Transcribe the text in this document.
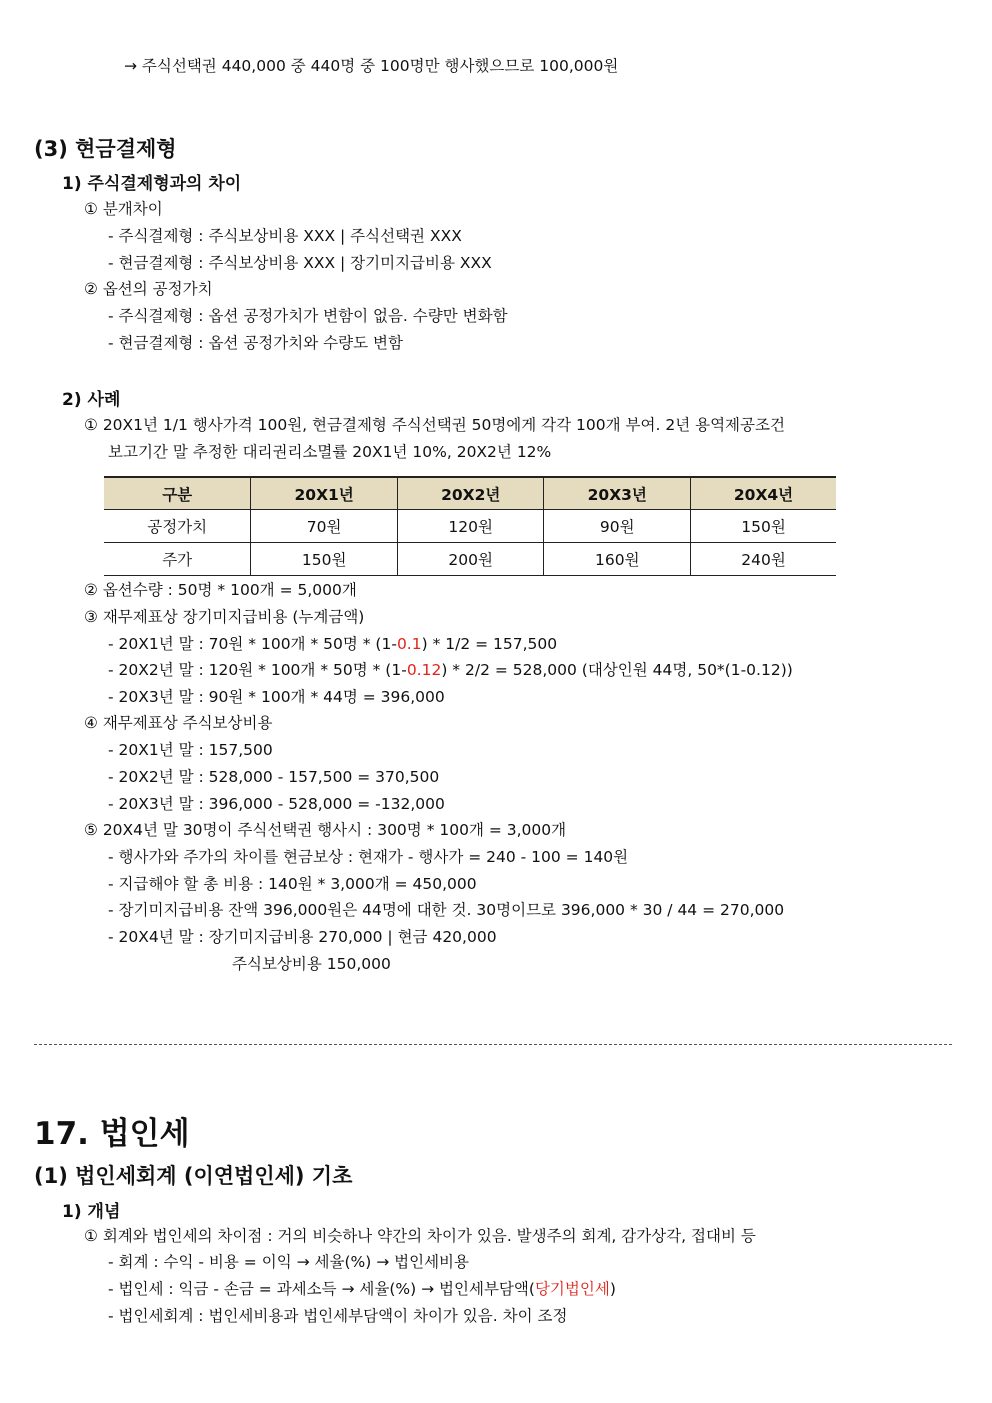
→ 주식선택권 440,000 중 440명 중 100명만 행사했으므로 100,000원
(3) 현금결제형
1) 주식결제형과의 차이
① 분개차이
- 주식결제형 : 주식보상비용 XXX | 주식선택권 XXX
- 현금결제형 : 주식보상비용 XXX | 장기미지급비용 XXX
② 옵션의 공정가치
- 주식결제형 : 옵션 공정가치가 변함이 없음. 수량만 변화함
- 현금결제형 : 옵션 공정가치와 수량도 변함
2) 사례
① 20X1년 1/1 행사가격 100원, 현금결제형 주식선택권 50명에게 각각 100개 부여. 2년 용역제공조건
보고기간 말 추정한 대리권리소멸률 20X1년 10%, 20X2년 12%
구분	20X1년	20X2년	20X3년	20X4년
공정가치	70원	120원	90원	150원
주가	150원	200원	160원	240원
② 옵션수량 : 50명 * 100개 = 5,000개
③ 재무제표상 장기미지급비용 (누계금액)
- 20X1년 말 : 70원 * 100개 * 50명 * (1-0.1) * 1/2 = 157,500
- 20X2년 말 : 120원 * 100개 * 50명 * (1-0.12) * 2/2 = 528,000 (대상인원 44명, 50*(1-0.12))
- 20X3년 말 : 90원 * 100개 * 44명 = 396,000
④ 재무제표상 주식보상비용
- 20X1년 말 : 157,500
- 20X2년 말 : 528,000 - 157,500 = 370,500
- 20X3년 말 : 396,000 - 528,000 = -132,000
⑤ 20X4년 말 30명이 주식선택권 행사시 : 300명 * 100개 = 3,000개
- 행사가와 주가의 차이를 현금보상 : 현재가 - 행사가 = 240 - 100 = 140원
- 지급해야 할 총 비용 : 140원 * 3,000개 = 450,000
- 장기미지급비용 잔액 396,000원은 44명에 대한 것. 30명이므로 396,000 * 30 / 44 = 270,000
- 20X4년 말 : 장기미지급비용 270,000 | 현금 420,000
주식보상비용 150,000
17. 법인세
(1) 법인세회계 (이연법인세) 기초
1) 개념
① 회계와 법인세의 차이점 : 거의 비슷하나 약간의 차이가 있음. 발생주의 회계, 감가상각, 접대비 등
- 회계 : 수익 - 비용 = 이익 → 세율(%) → 법인세비용
- 법인세 : 익금 - 손금 = 과세소득 → 세율(%) → 법인세부담액(당기법인세)
- 법인세회계 : 법인세비용과 법인세부담액이 차이가 있음. 차이 조정
